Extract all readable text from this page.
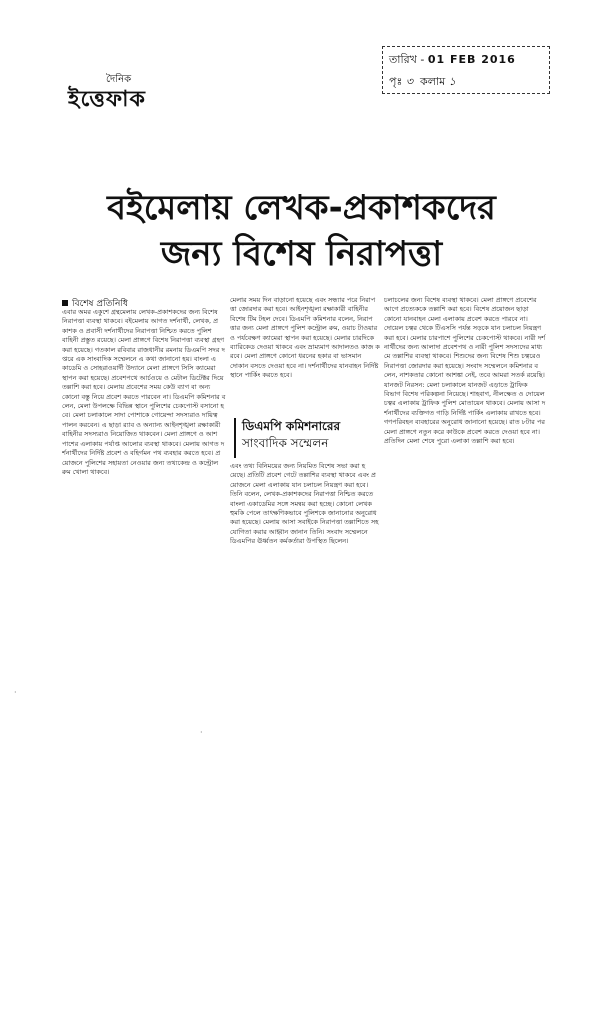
দৈনিক
ইত্তেফাক
তারিখ - 01 FEB 2016
পৃঃ ৩ কলাম ১
বইমেলায় লেখক-প্রকাশকদের
জন্য বিশেষ নিরাপত্তা
বিশেষ প্রতিনিধি
এবার অমর একুশে গ্রন্থমেলায় লেখক-প্রকাশকদের জন্য বিশেষ নিরাপত্তা ব্যবস্থা থাকবে। বইমেলায় আগত দর্শনার্থী, লেখক, প্রকাশক ও প্রবাসী দর্শনার্থীদের নিরাপত্তা নিশ্চিত করতে পুলিশ বাহিনী প্রস্তুত রয়েছে। মেলা প্রাঙ্গণে বিশেষ নিরাপত্তা ব্যবস্থা গ্রহণ করা হয়েছে। গতকাল রবিবার রাজধানীর রমনায় ডিএমপি সদর দপ্তরে এক সাংবাদিক সম্মেলনে এ কথা জানানো হয়। বাংলা একাডেমি ও সোহরাওয়ার্দী উদ্যানে মেলা প্রাঙ্গণে সিসি ক্যামেরা স্থাপন করা হয়েছে। প্রবেশপথে আর্চওয়ে ও মেটাল ডিটেক্টর দিয়ে তল্লাশি করা হবে। মেলায় প্রবেশের সময় কেউ ব্যাগ বা অন্য কোনো বস্তু নিয়ে প্রবেশ করতে পারবেন না। ডিএমপি কমিশনার বলেন, মেলা উপলক্ষে বিভিন্ন স্থানে পুলিশের চেকপোস্ট বসানো হবে। মেলা চলাকালে সাদা পোশাকে গোয়েন্দা সদস্যরাও দায়িত্ব পালন করবেন। এ ছাড়া র‌্যাব ও অন্যান্য আইনশৃঙ্খলা রক্ষাকারী বাহিনীর সদস্যরাও নিয়োজিত থাকবেন। মেলা প্রাঙ্গণে ও আশপাশের এলাকায় পর্যাপ্ত আলোর ব্যবস্থা থাকবে। মেলায় আগত দর্শনার্থীদের নির্দিষ্ট প্রবেশ ও বহির্গমন পথ ব্যবহার করতে হবে। প্রয়োজনে পুলিশের সহায়তা নেওয়ার জন্য তথ্যকেন্দ্র ও কন্ট্রোল রুম খোলা থাকবে।
মেলার সময় দিন বাড়ানো হয়েছে এবং সন্ধ্যার পরে নিরাপত্তা জোরদার করা হবে। আইনশৃঙ্খলা রক্ষাকারী বাহিনীর বিশেষ টিম টহল দেবে। ডিএমপি কমিশনার বলেন, নিরাপত্তার জন্য মেলা প্রাঙ্গণে পুলিশ কন্ট্রোল রুম, ওয়াচ টাওয়ার ও পর্যবেক্ষণ ক্যামেরা স্থাপন করা হয়েছে। মেলার চারদিকে ব্যারিকেড দেওয়া থাকবে এবং ভ্রাম্যমাণ আদালতও কাজ করবে। মেলা প্রাঙ্গণে কোনো ধরনের হকার বা ভাসমান দোকান বসতে দেওয়া হবে না। দর্শনার্থীদের যানবাহন নির্দিষ্ট স্থানে পার্কিং করতে হবে।
ডিএমপি কমিশনারের
সাংবাদিক সম্মেলন
এবং তথ্য বিনিময়ের জন্য নিয়মিত বিশেষ সভা করা হয়েছে। প্রতিটি প্রবেশ গেটে তল্লাশির ব্যবস্থা থাকবে এবং প্রয়োজনে মেলা এলাকায় যান চলাচল নিয়ন্ত্রণ করা হবে। তিনি বলেন, লেখক-প্রকাশকদের নিরাপত্তা নিশ্চিত করতে বাংলা একাডেমির সঙ্গে সমন্বয় করা হচ্ছে। কোনো লেখক হুমকি পেলে তাৎক্ষণিকভাবে পুলিশকে জানানোর অনুরোধ করা হয়েছে। মেলায় আসা সবাইকে নিরাপত্তা তল্লাশিতে সহযোগিতা করার আহ্বান জানান তিনি। সংবাদ সম্মেলনে ডিএমপির ঊর্ধ্বতন কর্মকর্তারা উপস্থিত ছিলেন।
চলাচলের জন্য বিশেষ ব্যবস্থা থাকবে। মেলা প্রাঙ্গণে প্রবেশের আগে প্রত্যেককে তল্লাশি করা হবে। বিশেষ প্রয়োজন ছাড়া কোনো যানবাহন মেলা এলাকায় প্রবেশ করতে পারবে না। দোয়েল চত্বর থেকে টিএসসি পর্যন্ত সড়কে যান চলাচল নিয়ন্ত্রণ করা হবে। মেলার চারপাশে পুলিশের চেকপোস্ট থাকবে। নারী দর্শনার্থীদের জন্য আলাদা প্রবেশপথ ও নারী পুলিশ সদস্যদের মাধ্যমে তল্লাশির ব্যবস্থা থাকবে। শিশুদের জন্য বিশেষ শিশু চত্বরেও নিরাপত্তা জোরদার করা হয়েছে। সংবাদ সম্মেলনে কমিশনার বলেন, নাশকতার কোনো আশঙ্কা নেই, তবে আমরা সতর্ক রয়েছি। যানজট নিরসন: মেলা চলাকালে যানজট এড়াতে ট্রাফিক বিভাগ বিশেষ পরিকল্পনা নিয়েছে। শাহবাগ, নীলক্ষেত ও দোয়েল চত্বর এলাকায় ট্রাফিক পুলিশ মোতায়েন থাকবে। মেলায় আসা দর্শনার্থীদের ব্যক্তিগত গাড়ি নির্দিষ্ট পার্কিং এলাকায় রাখতে হবে। গণপরিবহন ব্যবহারের অনুরোধ জানানো হয়েছে। রাত ৮টার পর মেলা প্রাঙ্গণে নতুন করে কাউকে প্রবেশ করতে দেওয়া হবে না। প্রতিদিন মেলা শেষে পুরো এলাকা তল্লাশি করা হবে।
·
·
